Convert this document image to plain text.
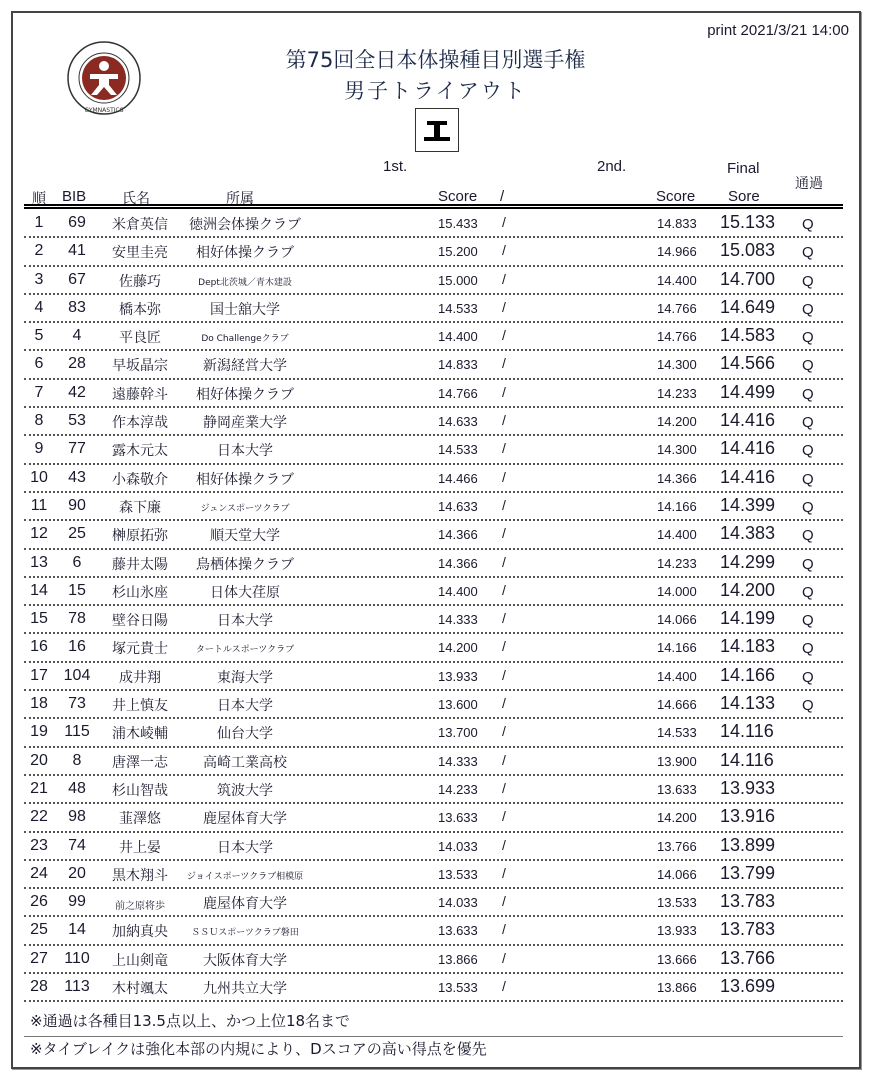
print 2021/3/21 14:00
GYMNASTICS
第75回全日本体操種目別選手権
男子トライアウト
1st.	2nd.	Final
通過
順 BIB	氏名	所属	Score /	Score Sore
1	69	米倉英信	徳洲会体操クラブ	15.433 /	14.833 15.133 Q
2	41	安里圭亮	相好体操クラブ	15.200 /	14.966 15.083 Q
3	67	佐藤巧	Dept北茨城／青木建設	15.000 /	14.400 14.700 Q
4	83	橋本弥	国士舘大学	14.533 /	14.766 14.649 Q
5	4	平良匠	Do Challengeクラブ	14.400 /	14.766 14.583 Q
6	28	早坂晶宗	新潟経営大学	14.833 /	14.300 14.566 Q
7	42	遠藤幹斗	相好体操クラブ	14.766 /	14.233 14.499 Q
8	53	作本淳哉	静岡産業大学	14.633 /	14.200 14.416 Q
9	77	露木元太	日本大学	14.533 /	14.300 14.416 Q
10	43	小森敬介	相好体操クラブ	14.466 /	14.366 14.416 Q
11	90	森下廉	ジュンスポーツクラブ	14.633 /	14.166 14.399 Q
12	25	榊原拓弥	順天堂大学	14.366 /	14.400 14.383 Q
13	6	藤井太陽	鳥栖体操クラブ	14.366 /	14.233 14.299 Q
14	15	杉山氷座	日体大荏原	14.400 /	14.000 14.200 Q
15	78	壁谷日陽	日本大学	14.333 /	14.066 14.199 Q
16	16	塚元貴士	タートルスポーツクラブ	14.200 /	14.166 14.183 Q
17 104	成井翔	東海大学	13.933 /	14.400 14.166 Q
18	73	井上慎友	日本大学	13.600 /	14.666 14.133 Q
19	115	浦木崚輔	仙台大学	13.700 /	14.533 14.116
20	8	唐澤一志	高崎工業高校	14.333 /	13.900 14.116
21	48	杉山智哉	筑波大学	14.233 /	13.633 13.933
22	98	韮澤悠	鹿屋体育大学	13.633 /	14.200 13.916
23	74	井上晏	日本大学	14.033 /	13.766 13.899
24	20	黒木翔斗	ジョイスポーツクラブ相模原	13.533 /	14.066 13.799
26	99	前之原将歩	鹿屋体育大学	14.033 /	13.533 13.783
25	14	加納真央	ＳＳＵスポーツクラブ磐田	13.633 /	13.933 13.783
27	110	上山剣竜	大阪体育大学	13.866 /	13.666 13.766
28	113	木村颯太	九州共立大学	13.533 /	13.866 13.699
※通過は各種目13.5点以上、かつ上位18名まで
※タイブレイクは強化本部の内規により、Dスコアの高い得点を優先
